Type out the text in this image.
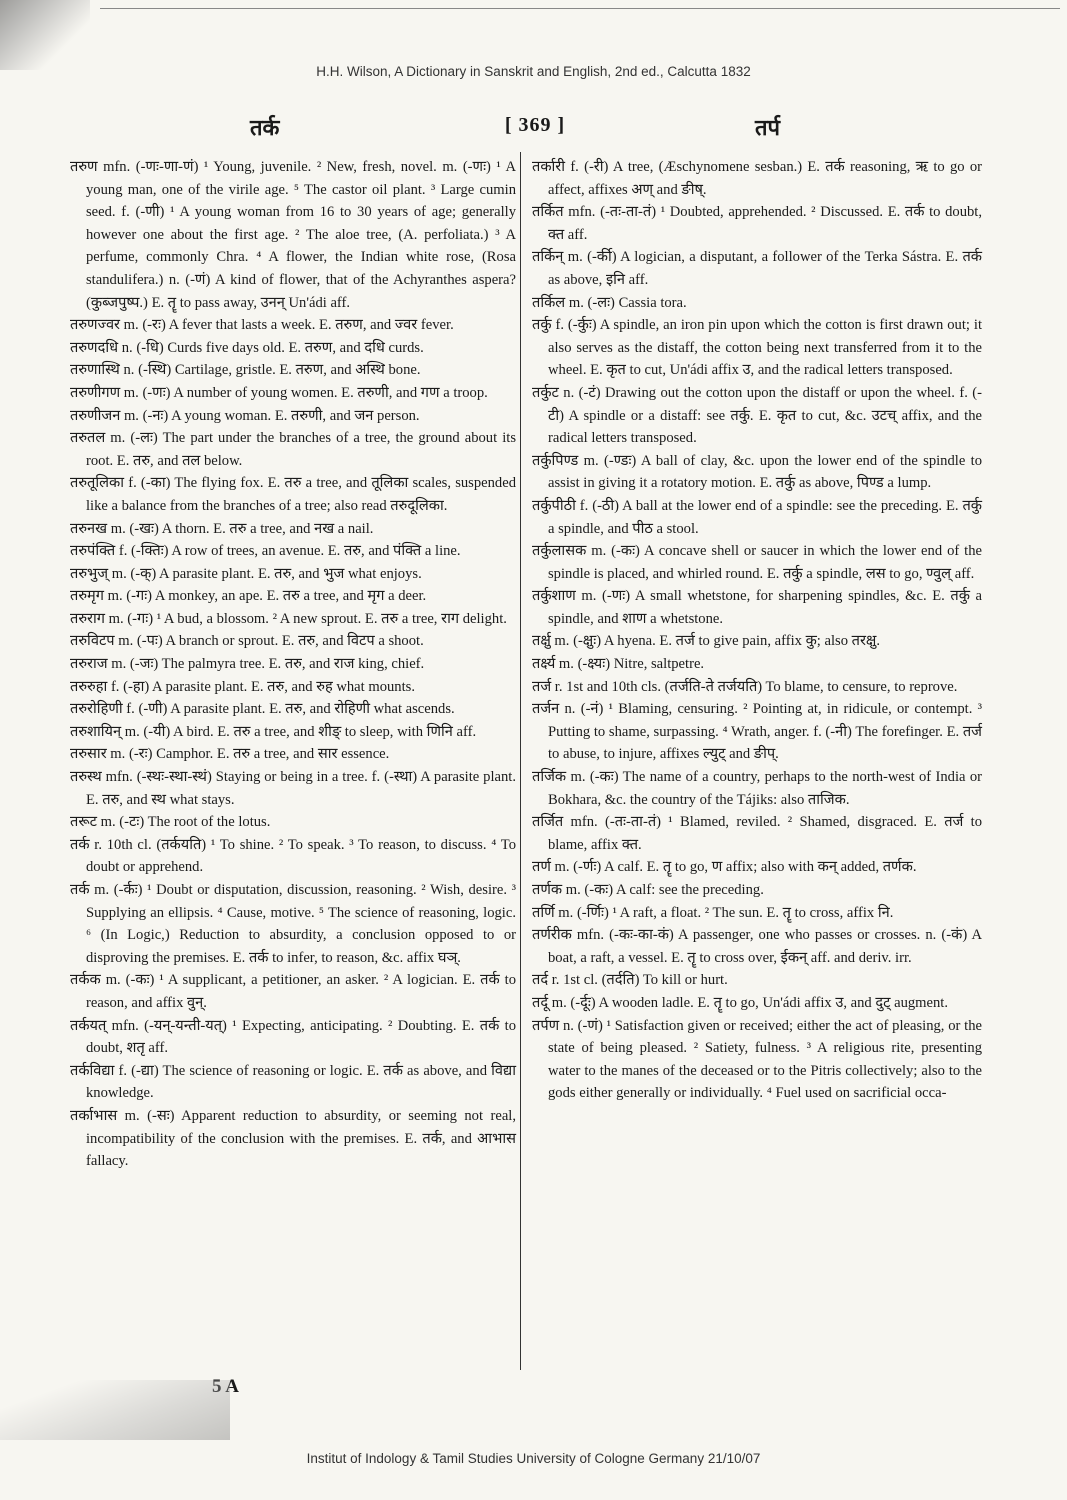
H.H. Wilson, A Dictionary in Sanskrit and English, 2nd ed., Calcutta 1832
तर्क	[ 369 ]	तर्प

तरुण mfn. (-णः-णा-णं) ¹ Young, juvenile. ² New, fresh, novel. m. (-णः) ¹ A young man, one of the virile age. ⁵ The castor oil plant. ³ Large cumin seed. f. (-णी) ¹ A young woman from 16 to 30 years of age; generally however one about the first age. ² The aloe tree, (A. perfoliata.) ³ A perfume, commonly Chra. ⁴ A flower, the Indian white rose, (Rosa standulifera.) n. (-णं) A kind of flower, that of the Achyranthes aspera? (कुब्जपुष्प.) E. तॄ to pass away, उनन् Un'ádi aff.

तरुणज्वर m. (-रः) A fever that lasts a week. E. तरुण, and ज्वर fever.

तरुणदधि n. (-धि) Curds five days old. E. तरुण, and दधि curds.

तरुणास्थि n. (-स्थि) Cartilage, gristle. E. तरुण, and अस्थि bone.

तरुणीगण m. (-णः) A number of young women. E. तरुणी, and गण a troop.

तरुणीजन m. (-नः) A young woman. E. तरुणी, and जन person.

तरुतल m. (-लः) The part under the branches of a tree, the ground about its root. E. तरु, and तल below.

तरुतूलिका f. (-का) The flying fox. E. तरु a tree, and तूलिका scales, suspended like a balance from the branches of a tree; also read तरुदूलिका.

तरुनख m. (-खः) A thorn. E. तरु a tree, and नख a nail.

तरुपंक्ति f. (-क्तिः) A row of trees, an avenue. E. तरु, and पंक्ति a line.

तरुभुज् m. (-क्) A parasite plant. E. तरु, and भुज what enjoys.

तरुमृग m. (-गः) A monkey, an ape. E. तरु a tree, and मृग a deer.

तरुराग m. (-गः) ¹ A bud, a blossom. ² A new sprout. E. तरु a tree, राग delight.

तरुविटप m. (-पः) A branch or sprout. E. तरु, and विटप a shoot.

तरुराज m. (-जः) The palmyra tree. E. तरु, and राज king, chief.

तरुरुहा f. (-हा) A parasite plant. E. तरु, and रुह what mounts.

तरुरोहिणी f. (-णी) A parasite plant. E. तरु, and रोहिणी what ascends.

तरुशायिन् m. (-यी) A bird. E. तरु a tree, and शीङ् to sleep, with णिनि aff.

तरुसार m. (-रः) Camphor. E. तरु a tree, and सार essence.

तरुस्थ mfn. (-स्थः-स्था-स्थं) Staying or being in a tree. f. (-स्था) A parasite plant. E. तरु, and स्थ what stays.

तरूट m. (-टः) The root of the lotus.

तर्क r. 10th cl. (तर्कयति) ¹ To shine. ² To speak. ³ To reason, to discuss. ⁴ To doubt or apprehend.

तर्क m. (-र्कः) ¹ Doubt or disputation, discussion, reasoning. ² Wish, desire. ³ Supplying an ellipsis. ⁴ Cause, motive. ⁵ The science of reasoning, logic. ⁶ (In Logic,) Reduction to absurdity, a conclusion opposed to or disproving the premises. E. तर्क to infer, to reason, &c. affix घञ्.

तर्कक m. (-कः) ¹ A supplicant, a petitioner, an asker. ² A logician. E. तर्क to reason, and affix वुन्.

तर्कयत् mfn. (-यन्-यन्ती-यत्) ¹ Expecting, anticipating. ² Doubting. E. तर्क to doubt, शतृ aff.

तर्कविद्या f. (-द्या) The science of reasoning or logic. E. तर्क as above, and विद्या knowledge.

तर्काभास m. (-सः) Apparent reduction to absurdity, or seeming not real, incompatibility of the conclusion with the premises. E. तर्क, and आभास fallacy.

तर्कारी f. (-री) A tree, (Æschynomene sesban.) E. तर्क reasoning, ऋ to go or affect, affixes अण् and ङीष्.

तर्कित mfn. (-तः-ता-तं) ¹ Doubted, apprehended. ² Discussed. E. तर्क to doubt, क्त aff.

तर्किन् m. (-र्की) A logician, a disputant, a follower of the Terka Sástra. E. तर्क as above, इनि aff.

तर्किल m. (-लः) Cassia tora.

तर्कु f. (-र्कुः) A spindle, an iron pin upon which the cotton is first drawn out; it also serves as the distaff, the cotton being next transferred from it to the wheel. E. कृत to cut, Un'ádi affix उ, and the radical letters transposed.

तर्कुट n. (-टं) Drawing out the cotton upon the distaff or upon the wheel. f. (-टी) A spindle or a distaff: see तर्कु. E. कृत to cut, &c. उटच् affix, and the radical letters transposed.

तर्कुपिण्ड m. (-ण्डः) A ball of clay, &c. upon the lower end of the spindle to assist in giving it a rotatory motion. E. तर्कु as above, पिण्ड a lump.

तर्कुपीठी f. (-ठी) A ball at the lower end of a spindle: see the preceding. E. तर्कु a spindle, and पीठ a stool.

तर्कुलासक m. (-कः) A concave shell or saucer in which the lower end of the spindle is placed, and whirled round. E. तर्कु a spindle, लस to go, ण्वुल् aff.

तर्कुशाण m. (-णः) A small whetstone, for sharpening spindles, &c. E. तर्कु a spindle, and शाण a whetstone.

तर्क्षु m. (-क्षुः) A hyena. E. तर्ज to give pain, affix कु; also तरक्षु.

तर्क्ष्य m. (-क्ष्यः) Nitre, saltpetre.

तर्ज r. 1st and 10th cls. (तर्जति-ते तर्जयति) To blame, to censure, to reprove.

तर्जन n. (-नं) ¹ Blaming, censuring. ² Pointing at, in ridicule, or contempt. ³ Putting to shame, surpassing. ⁴ Wrath, anger. f. (-नी) The forefinger. E. तर्ज to abuse, to injure, affixes ल्युट् and ङीप्.

तर्जिक m. (-कः) The name of a country, perhaps to the north-west of India or Bokhara, &c. the country of the Tájiks: also ताजिक.

तर्जित mfn. (-तः-ता-तं) ¹ Blamed, reviled. ² Shamed, disgraced. E. तर्ज to blame, affix क्त.

तर्ण m. (-र्णः) A calf. E. तॄ to go, ण affix; also with कन् added, तर्णक.

तर्णक m. (-कः) A calf: see the preceding.

तर्णि m. (-र्णिः) ¹ A raft, a float. ² The sun. E. तॄ to cross, affix नि.

तर्णरीक mfn. (-कः-का-कं) A passenger, one who passes or crosses. n. (-कं) A boat, a raft, a vessel. E. तॄ to cross over, ईकन् aff. and deriv. irr.

तर्द r. 1st cl. (तर्दति) To kill or hurt.

तर्दू m. (-र्दूः) A wooden ladle. E. तॄ to go, Un'ádi affix उ, and दुट् augment.

तर्पण n. (-णं) ¹ Satisfaction given or received; either the act of pleasing, or the state of being pleased. ² Satiety, fulness. ³ A religious rite, presenting water to the manes of the deceased or to the Pitris collectively; also to the gods either generally or individually. ⁴ Fuel used on sacrificial occa-

5 A
Institut of Indology & Tamil Studies University of Cologne Germany 21/10/07
